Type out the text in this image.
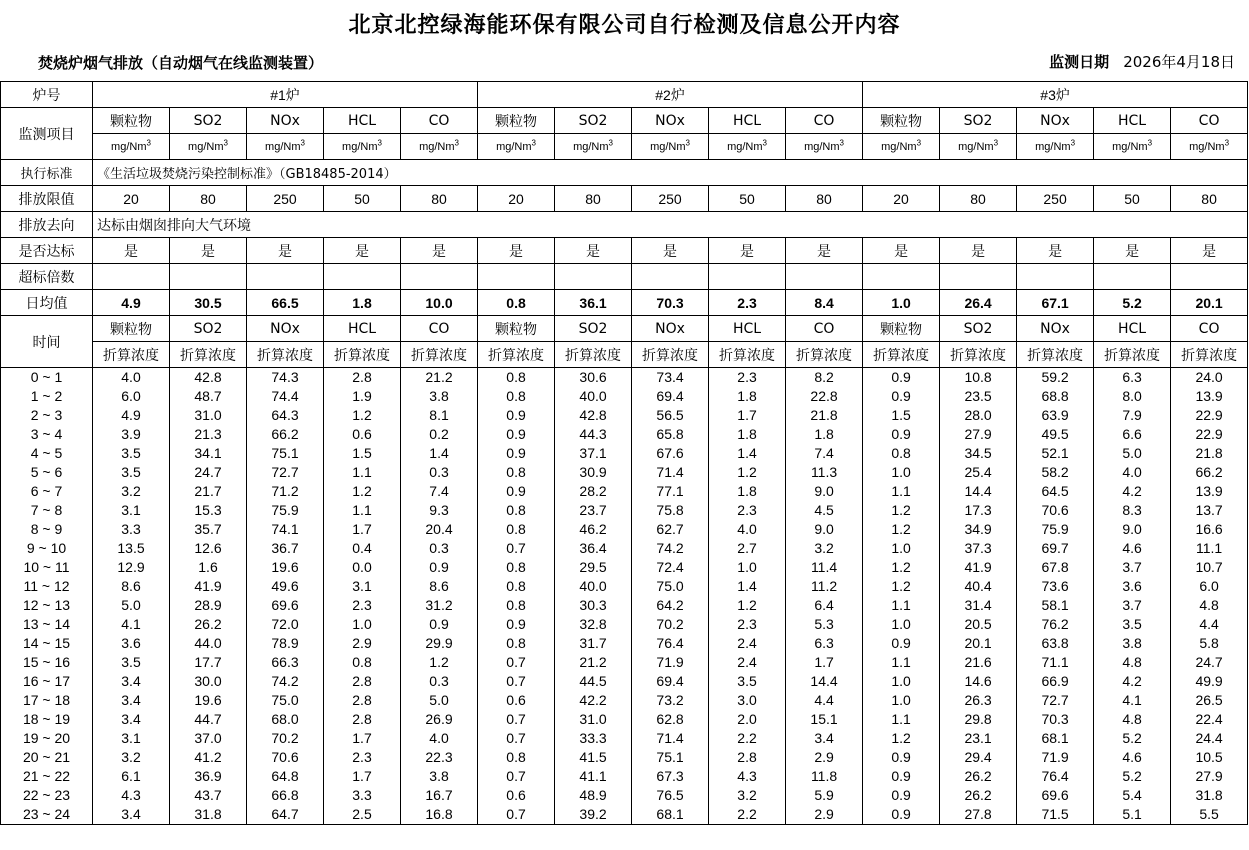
北京北控绿海能环保有限公司自行检测及信息公开内容
焚烧炉烟气排放（自动烟气在线监测装置）	监测日期 2026年4月18日
炉号	#1炉					#2炉					#3炉				
监测项目	颗粒物	SO2	NOx	HCL	CO	颗粒物	SO2	NOx	HCL	CO	颗粒物	SO2	NOx	HCL	CO
	mg/Nm$^3$	mg/Nm$^3$	mg/Nm$^3$	mg/Nm$^3$	mg/Nm$^3$	mg/Nm$^3$	mg/Nm$^3$	mg/Nm$^3$	mg/Nm$^3$	mg/Nm$^3$	mg/Nm$^3$	mg/Nm$^3$	mg/Nm$^3$	mg/Nm$^3$	mg/Nm$^3$
执行标准	《生活垃圾焚烧污染控制标准》（GB18485-2014）														
排放限值	20	80	250	50	80	20	80	250	50	80	20	80	250	50	80
排放去向	达标由烟囱排向大气环境														
是否达标	是	是	是	是	是	是	是	是	是	是	是	是	是	是	是
超标倍数															
日均值	4.9	30.5	66.5	1.8	10.0	0.8	36.1	70.3	2.3	8.4	1.0	26.4	67.1	5.2	20.1
时间	颗粒物	SO2	NOx	HCL	CO	颗粒物	SO2	NOx	HCL	CO	颗粒物	SO2	NOx	HCL	CO
	折算浓度	折算浓度	折算浓度	折算浓度	折算浓度	折算浓度	折算浓度	折算浓度	折算浓度	折算浓度	折算浓度	折算浓度	折算浓度	折算浓度	折算浓度
0 ~ 1	4.0	42.8	74.3	2.8	21.2	0.8	30.6	73.4	2.3	8.2	0.9	10.8	59.2	6.3	24.0
1 ~ 2	6.0	48.7	74.4	1.9	3.8	0.8	40.0	69.4	1.8	22.8	0.9	23.5	68.8	8.0	13.9
2 ~ 3	4.9	31.0	64.3	1.2	8.1	0.9	42.8	56.5	1.7	21.8	1.5	28.0	63.9	7.9	22.9
3 ~ 4	3.9	21.3	66.2	0.6	0.2	0.9	44.3	65.8	1.8	1.8	0.9	27.9	49.5	6.6	22.9
4 ~ 5	3.5	34.1	75.1	1.5	1.4	0.9	37.1	67.6	1.4	7.4	0.8	34.5	52.1	5.0	21.8
5 ~ 6	3.5	24.7	72.7	1.1	0.3	0.8	30.9	71.4	1.2	11.3	1.0	25.4	58.2	4.0	66.2
6 ~ 7	3.2	21.7	71.2	1.2	7.4	0.9	28.2	77.1	1.8	9.0	1.1	14.4	64.5	4.2	13.9
7 ~ 8	3.1	15.3	75.9	1.1	9.3	0.8	23.7	75.8	2.3	4.5	1.2	17.3	70.6	8.3	13.7
8 ~ 9	3.3	35.7	74.1	1.7	20.4	0.8	46.2	62.7	4.0	9.0	1.2	34.9	75.9	9.0	16.6
9 ~ 10	13.5	12.6	36.7	0.4	0.3	0.7	36.4	74.2	2.7	3.2	1.0	37.3	69.7	4.6	11.1
10 ~ 11	12.9	1.6	19.6	0.0	0.9	0.8	29.5	72.4	1.0	11.4	1.2	41.9	67.8	3.7	10.7
11 ~ 12	8.6	41.9	49.6	3.1	8.6	0.8	40.0	75.0	1.4	11.2	1.2	40.4	73.6	3.6	6.0
12 ~ 13	5.0	28.9	69.6	2.3	31.2	0.8	30.3	64.2	1.2	6.4	1.1	31.4	58.1	3.7	4.8
13 ~ 14	4.1	26.2	72.0	1.0	0.9	0.9	32.8	70.2	2.3	5.3	1.0	20.5	76.2	3.5	4.4
14 ~ 15	3.6	44.0	78.9	2.9	29.9	0.8	31.7	76.4	2.4	6.3	0.9	20.1	63.8	3.8	5.8
15 ~ 16	3.5	17.7	66.3	0.8	1.2	0.7	21.2	71.9	2.4	1.7	1.1	21.6	71.1	4.8	24.7
16 ~ 17	3.4	30.0	74.2	2.8	0.3	0.7	44.5	69.4	3.5	14.4	1.0	14.6	66.9	4.2	49.9
17 ~ 18	3.4	19.6	75.0	2.8	5.0	0.6	42.2	73.2	3.0	4.4	1.0	26.3	72.7	4.1	26.5
18 ~ 19	3.4	44.7	68.0	2.8	26.9	0.7	31.0	62.8	2.0	15.1	1.1	29.8	70.3	4.8	22.4
19 ~ 20	3.1	37.0	70.2	1.7	4.0	0.7	33.3	71.4	2.2	3.4	1.2	23.1	68.1	5.2	24.4
20 ~ 21	3.2	41.2	70.6	2.3	22.3	0.8	41.5	75.1	2.8	2.9	0.9	29.4	71.9	4.6	10.5
21 ~ 22	6.1	36.9	64.8	1.7	3.8	0.7	41.1	67.3	4.3	11.8	0.9	26.2	76.4	5.2	27.9
22 ~ 23	4.3	43.7	66.8	3.3	16.7	0.6	48.9	76.5	3.2	5.9	0.9	26.2	69.6	5.4	31.8
23 ~ 24	3.4	31.8	64.7	2.5	16.8	0.7	39.2	68.1	2.2	2.9	0.9	27.8	71.5	5.1	5.5
